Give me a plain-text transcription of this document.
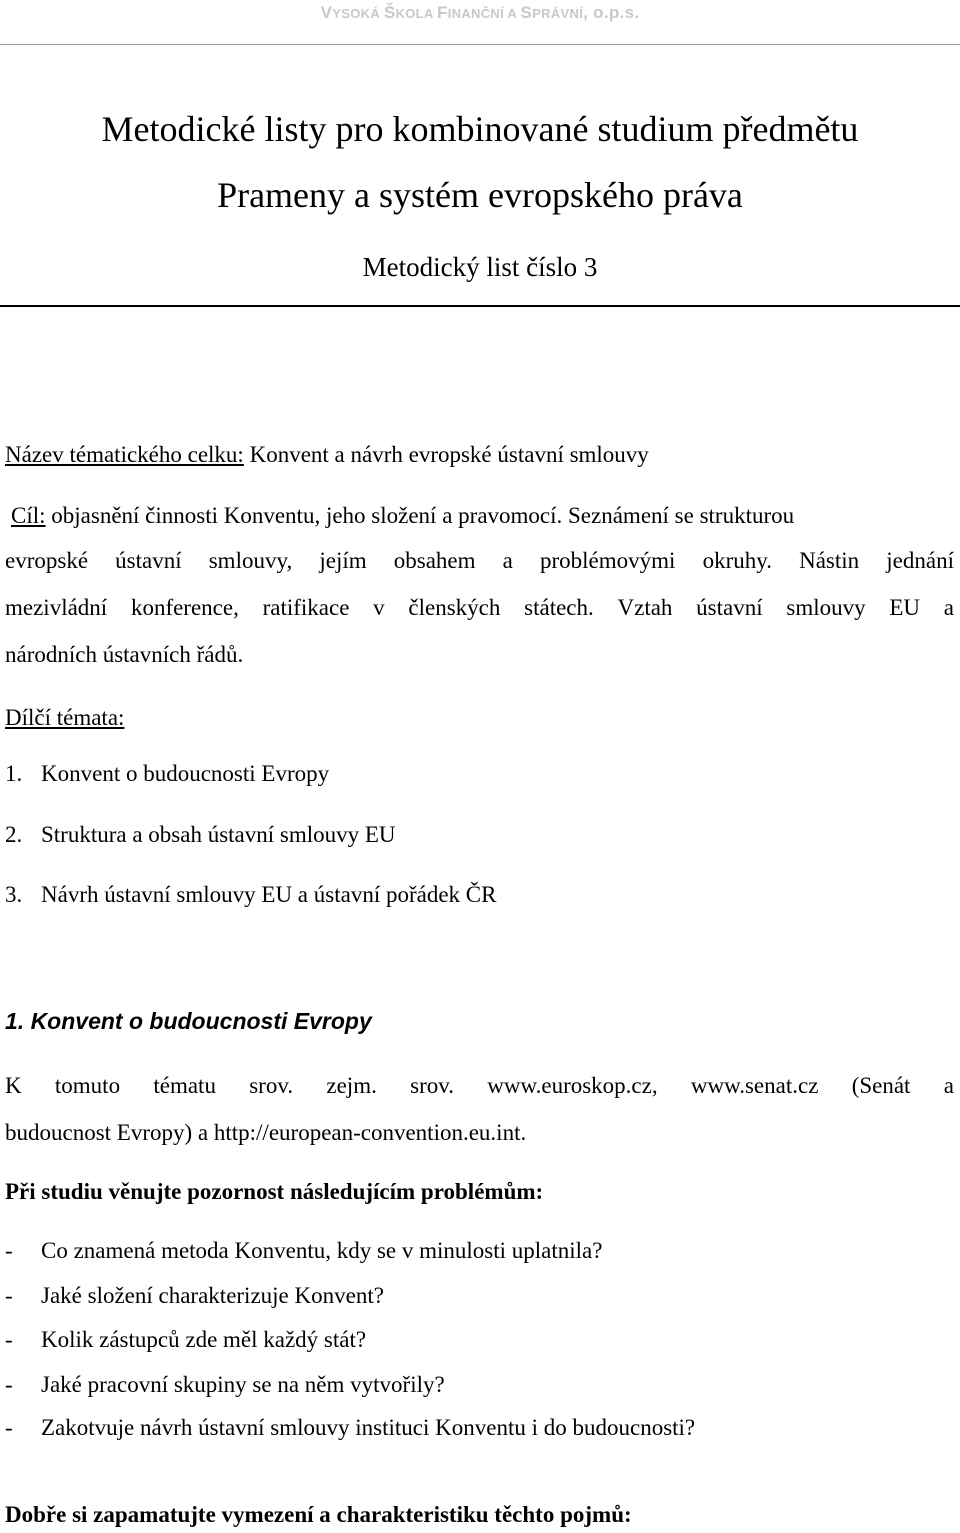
VYSOKÁ ŠKOLA FINANČNÍ A SPRÁVNÍ, o.p.s.
Metodické listy pro kombinované studium předmětu
Prameny a systém evropského práva
Metodický list číslo 3
Název tématického celku: Konvent a návrh evropské ústavní smlouvy
Cíl: objasnění činnosti Konventu, jeho složení a pravomocí. Seznámení se strukturou
evropské ústavní smlouvy, jejím obsahem a problémovými okruhy. Nástin jednání
mezivládní konference, ratifikace v členských státech. Vztah ústavní smlouvy EU a
národních ústavních řádů.
Dílčí témata:
1. Konvent o budoucnosti Evropy
2. Struktura a obsah ústavní smlouvy EU
3. Návrh ústavní smlouvy EU a ústavní pořádek ČR
1. Konvent o budoucnosti Evropy
K tomuto tématu srov. zejm. srov. www.euroskop.cz, www.senat.cz (Senát a
budoucnost Evropy) a http://european-convention.eu.int.
Při studiu věnujte pozornost následujícím problémům:
- Co znamená metoda Konventu, kdy se v minulosti uplatnila?
- Jaké složení charakterizuje Konvent?
- Kolik zástupců zde měl každý stát?
- Jaké pracovní skupiny se na něm vytvořily?
- Zakotvuje návrh ústavní smlouvy instituci Konventu i do budoucnosti?
Dobře si zapamatujte vymezení a charakteristiku těchto pojmů:
